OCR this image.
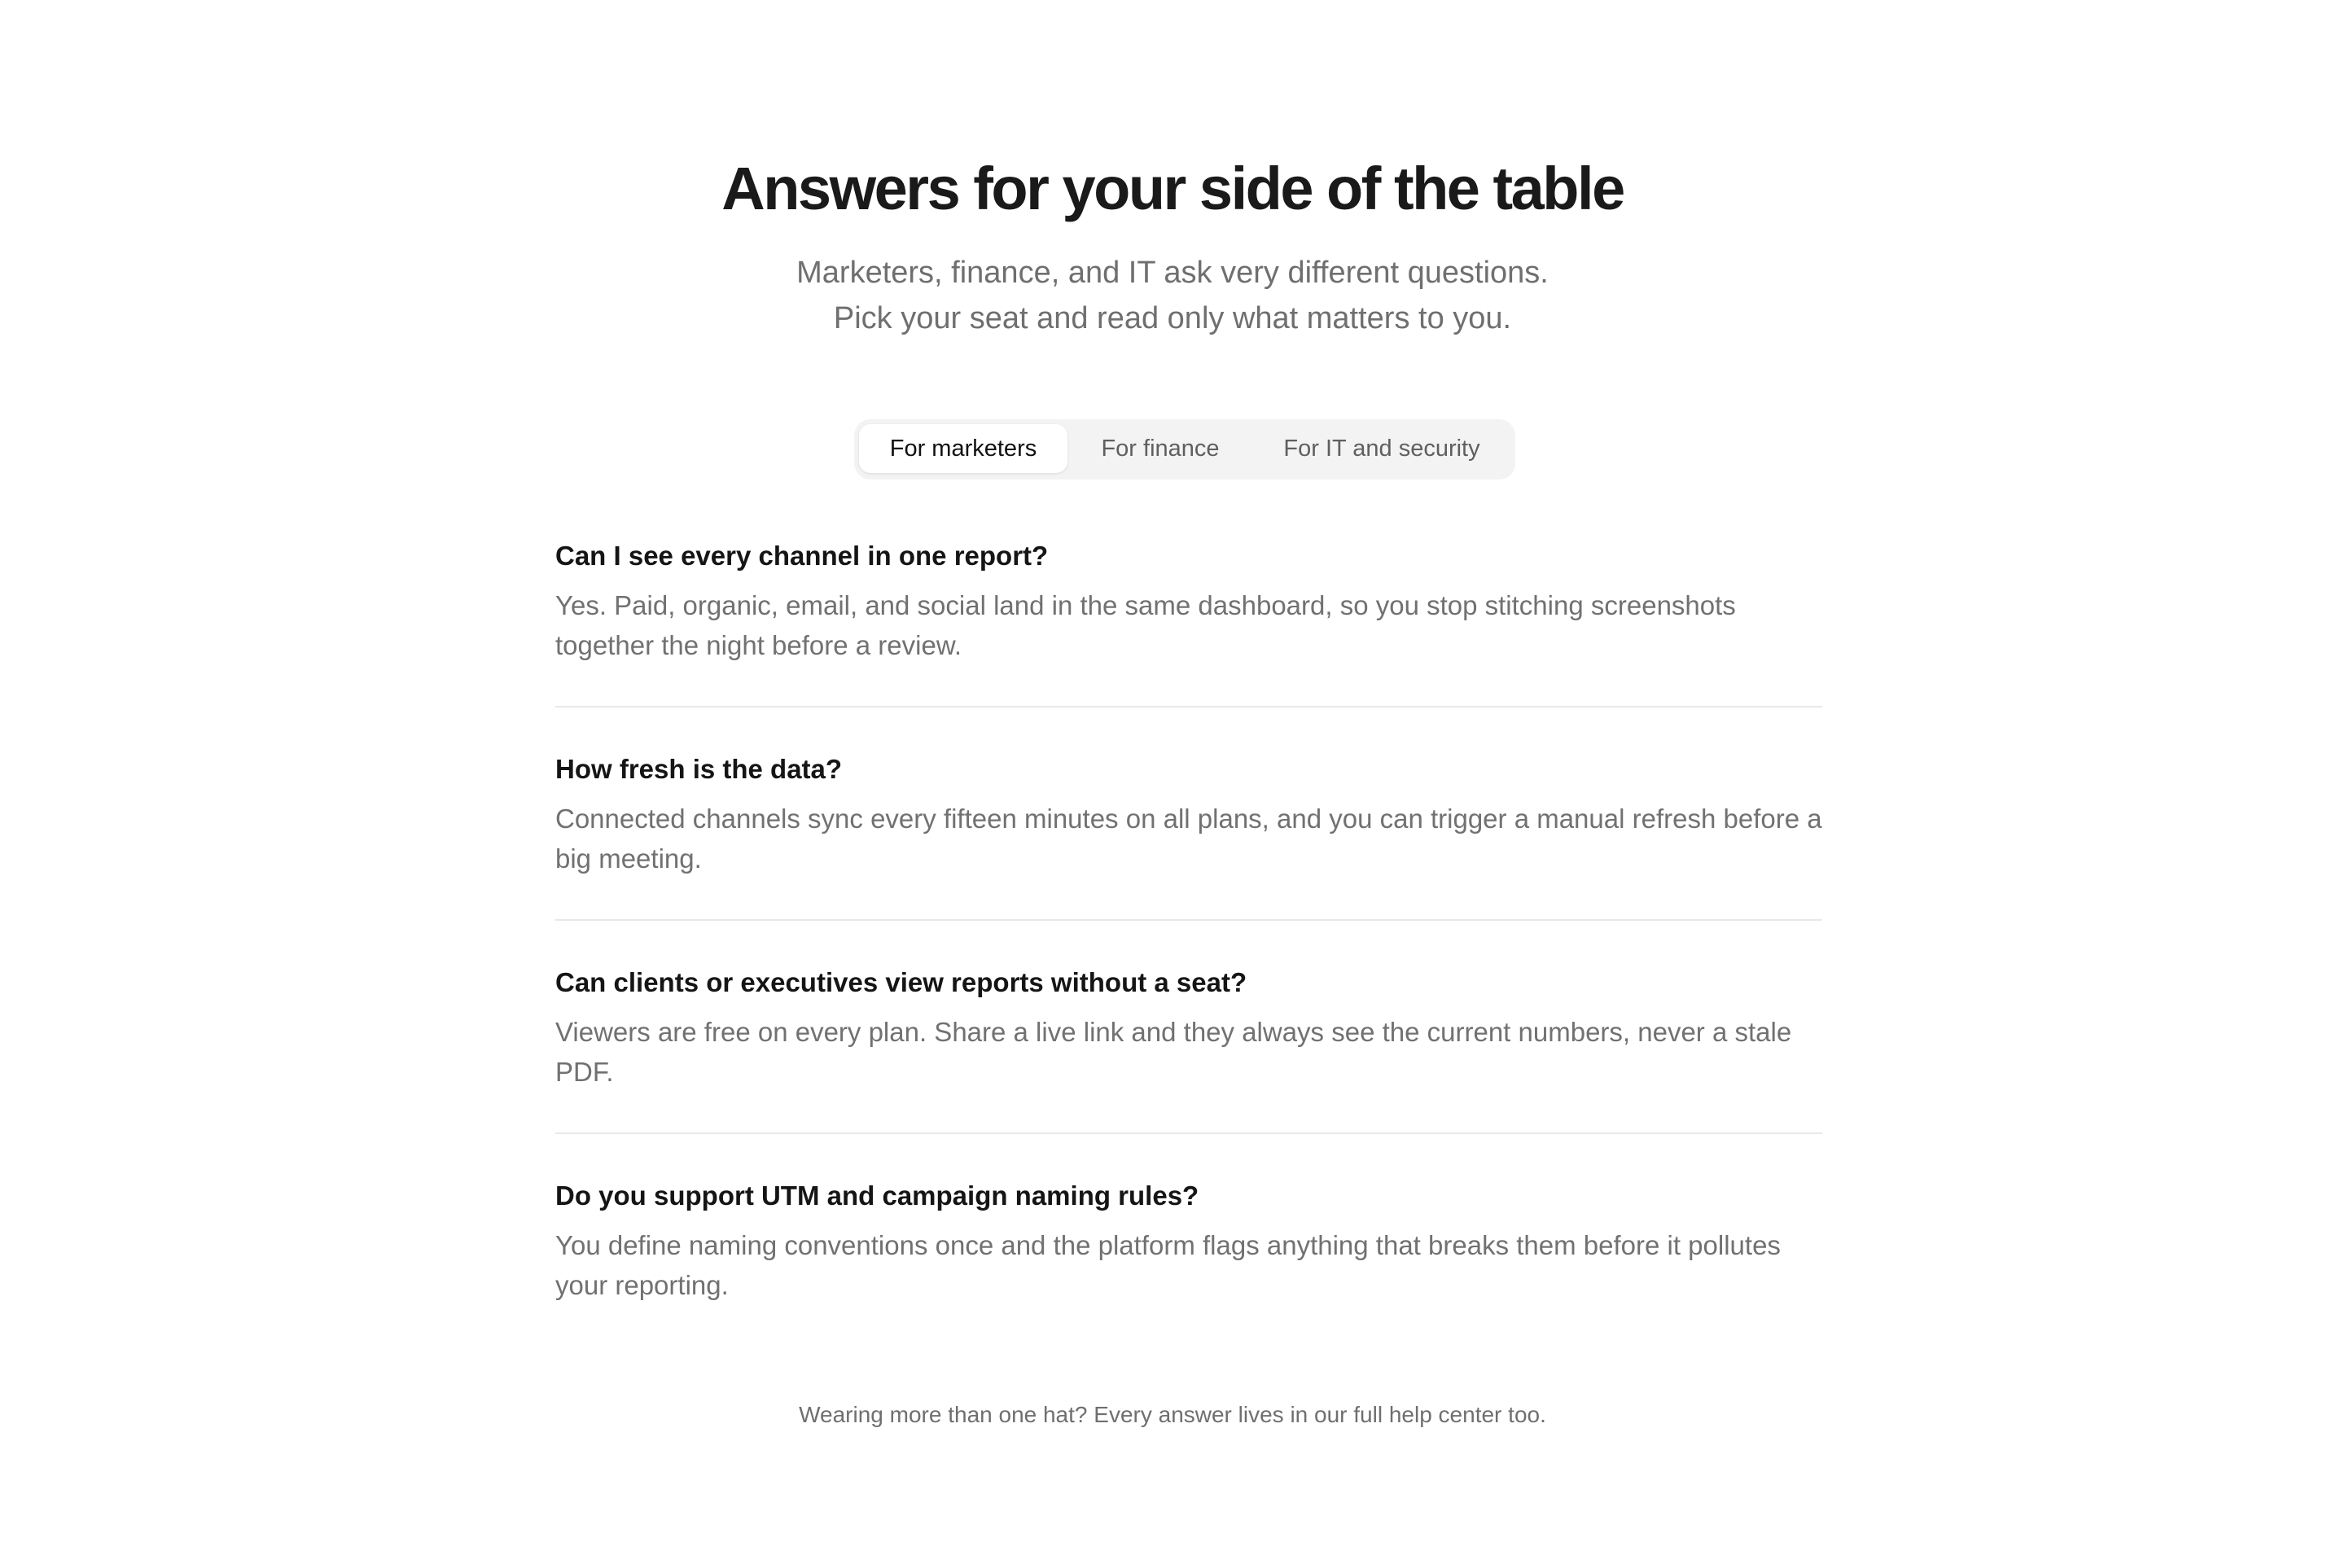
Answers for your side of the table
Marketers, finance, and IT ask very different questions.
Pick your seat and read only what matters to you.
For marketers	For finance	For IT and security
Can I see every channel in one report?
Yes. Paid, organic, email, and social land in the same dashboard, so you stop stitching screenshots together the night before a review.
How fresh is the data?
Connected channels sync every fifteen minutes on all plans, and you can trigger a manual refresh before a big meeting.
Can clients or executives view reports without a seat?
Viewers are free on every plan. Share a live link and they always see the current numbers, never a stale PDF.
Do you support UTM and campaign naming rules?
You define naming conventions once and the platform flags anything that breaks them before it pollutes your reporting.
Wearing more than one hat? Every answer lives in our full help center too.
